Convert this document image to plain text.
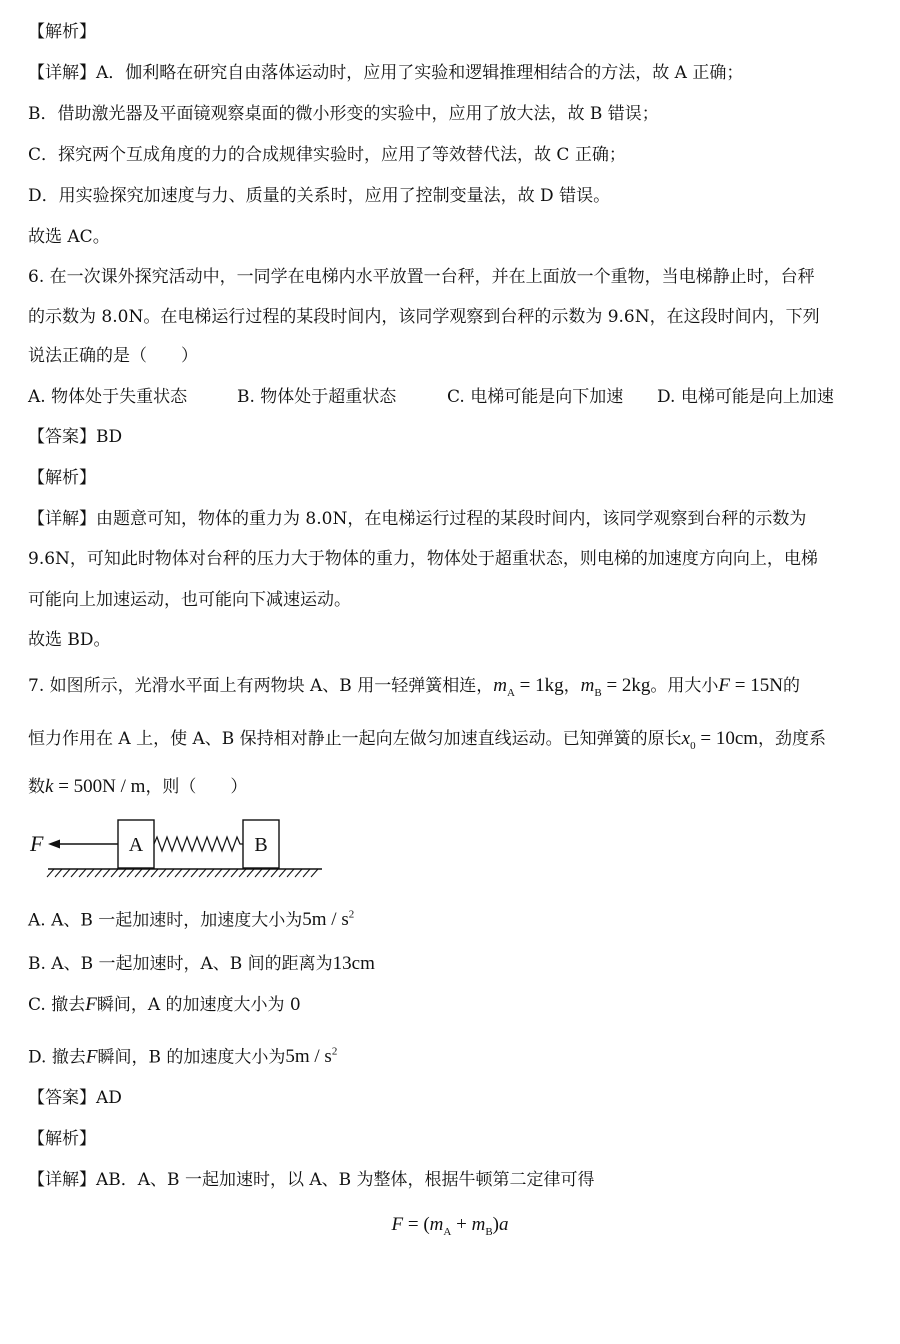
【解析】
【详解】A．伽利略在研究自由落体运动时，应用了实验和逻辑推理相结合的方法，故 A 正确；
B．借助激光器及平面镜观察桌面的微小形变的实验中，应用了放大法，故 B 错误；
C．探究两个互成角度的力的合成规律实验时，应用了等效替代法，故 C 正确；
D．用实验探究加速度与力、质量的关系时，应用了控制变量法，故 D 错误。
故选 AC。
6. 在一次课外探究活动中，一同学在电梯内水平放置一台秤，并在上面放一个重物，当电梯静止时，台秤
的示数为 8.0N。在电梯运行过程的某段时间内，该同学观察到台秤的示数为 9.6N，在这段时间内，下列
说法正确的是（　　）
A. 物体处于失重状态	B. 物体处于超重状态	C. 电梯可能是向下加速 D. 电梯可能是向上加速
【答案】BD
【解析】
【详解】由题意可知，物体的重力为 8.0N，在电梯运行过程的某段时间内，该同学观察到台秤的示数为
9.6N，可知此时物体对台秤的压力大于物体的重力，物体处于超重状态，则电梯的加速度方向向上，电梯
可能向上加速运动，也可能向下减速运动。
故选 BD。
7. 如图所示，光滑水平面上有两物块 A、B 用一轻弹簧相连，$m_A = 1kg$，$m_B = 2kg$。用大小F = 15N的
恒力作用在 A 上，使 A、B 保持相对静止一起向左做匀加速直线运动。已知弹簧的原长$x_0 = 10cm$，劲度系
数k = 500N / m，则（　　）
F	A	B
A. A、B 一起加速时，加速度大小为$5m / s^2$
B. A、B 一起加速时，A、B 间的距离为13cm
C. 撤去F瞬间，A 的加速度大小为 0
D. 撤去F瞬间，B 的加速度大小为$5m / s^2$
【答案】AD
【解析】
【详解】AB．A、B 一起加速时，以 A、B 为整体，根据牛顿第二定律可得
$F = (m_A + m_B)a$
